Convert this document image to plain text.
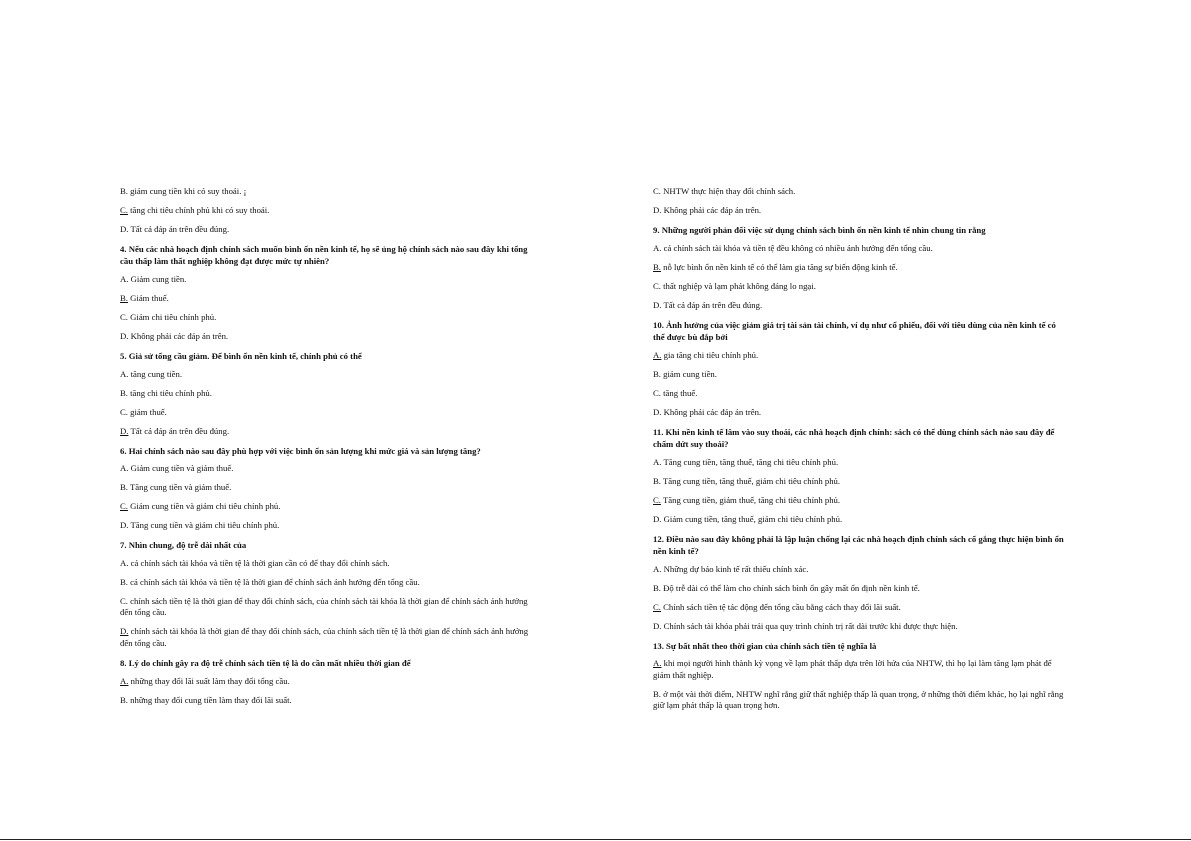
B. giảm cung tiền khi có suy thoái. ¡

C. tăng chi tiêu chính phủ khi có suy thoái.

D. Tất cả đáp án trên đều đúng.

4. Nếu các nhà hoạch định chính sách muốn bình ổn nền kinh tế, họ sẽ ủng hộ chính sách nào sau đây khi tổng cầu thấp làm thất nghiệp không đạt được mức tự nhiên?

A. Giảm cung tiền.

B. Giảm thuế.

C. Giảm chi tiêu chính phủ.

D. Không phải các đáp án trên.

5. Giả sử tổng cầu giảm. Để bình ổn nền kinh tế, chính phủ có thể

A. tăng cung tiền.

B. tăng chi tiêu chính phủ.

C. giảm thuế.

D. Tất cả đáp án trên đều đúng.

6. Hai chính sách nào sau đây phù hợp với việc bình ổn sản lượng khi mức giá và sản lượng tăng?

A. Giảm cung tiền và giảm thuế.

B. Tăng cung tiền và giảm thuế.

C. Giảm cung tiền và giảm chi tiêu chính phủ.

D. Tăng cung tiền và giảm chi tiêu chính phủ.

7. Nhìn chung, độ trễ dài nhất của

A. cả chính sách tài khóa và tiền tệ là thời gian cần có để thay đổi chính sách.

B. cả chính sách tài khóa và tiền tệ là thời gian để chính sách ảnh hưởng đến tổng cầu.

C. chính sách tiền tệ là thời gian để thay đổi chính sách, của chính sách tài khóa là thời gian để chính sách ảnh hưởng đến tổng cầu.

D. chính sách tài khóa là thời gian để thay đổi chính sách, của chính sách tiền tệ là thời gian để chính sách ảnh hưởng đến tổng cầu.

8. Lý do chính gây ra độ trễ chính sách tiền tệ là do cần mất nhiều thời gian để

A. những thay đổi lãi suất làm thay đổi tổng cầu.

B. những thay đổi cung tiền làm thay đổi lãi suất.

C. NHTW thực hiện thay đổi chính sách.

D. Không phải các đáp án trên.

9. Những người phản đối việc sử dụng chính sách bình ổn nền kinh tế nhìn chung tin rằng

A. cả chính sách tài khóa và tiền tệ đều không có nhiều ảnh hưởng đến tổng cầu.

B. nỗ lực bình ổn nền kinh tế có thể làm gia tăng sự biến động kinh tế.

C. thất nghiệp và lạm phát không đáng lo ngại.

D. Tất cả đáp án trên đều đúng.

10. Ảnh hưởng của việc giảm giá trị tài sản tài chính, ví dụ như cổ phiếu, đối với tiêu dùng của nền kinh tế có thể được bù đắp bởi

A. gia tăng chi tiêu chính phủ.

B. giảm cung tiền.

C. tăng thuế.

D. Không phải các đáp án trên.

11. Khi nền kinh tế lâm vào suy thoái, các nhà hoạch định chính: sách có thể dùng chính sách nào sau đây để chấm dứt suy thoái?

A. Tăng cung tiền, tăng thuế, tăng chi tiêu chính phủ.

B. Tăng cung tiền, tăng thuế, giảm chi tiêu chính phủ.

C. Tăng cung tiền, giảm thuế, tăng chi tiêu chính phủ.

D. Giảm cung tiền, tăng thuế, giảm chi tiêu chính phủ.

12. Điều nào sau đây không phải là lập luận chống lại các nhà hoạch định chính sách cố gắng thực hiện bình ổn nền kinh tế?

A. Những dự báo kinh tế rất thiếu chính xác.

B. Độ trễ dài có thể làm cho chính sách bình ổn gây mất ổn định nền kinh tế.

C. Chính sách tiền tệ tác động đến tổng cầu bằng cách thay đổi lãi suất.

D. Chính sách tài khóa phải trải qua quy trình chính trị rất dài trước khi được thực hiện.

13. Sự bất nhất theo thời gian của chính sách tiền tệ nghĩa là

A. khi mọi người hình thành kỳ vọng về lạm phát thấp dựa trên lời hứa của NHTW, thì họ lại làm tăng lạm phát để giảm thất nghiệp.

B. ở một vài thời điểm, NHTW nghĩ rằng giữ thất nghiệp thấp là quan trọng, ở những thời điểm khác, họ lại nghĩ rằng giữ lạm phát thấp là quan trọng hơn.
